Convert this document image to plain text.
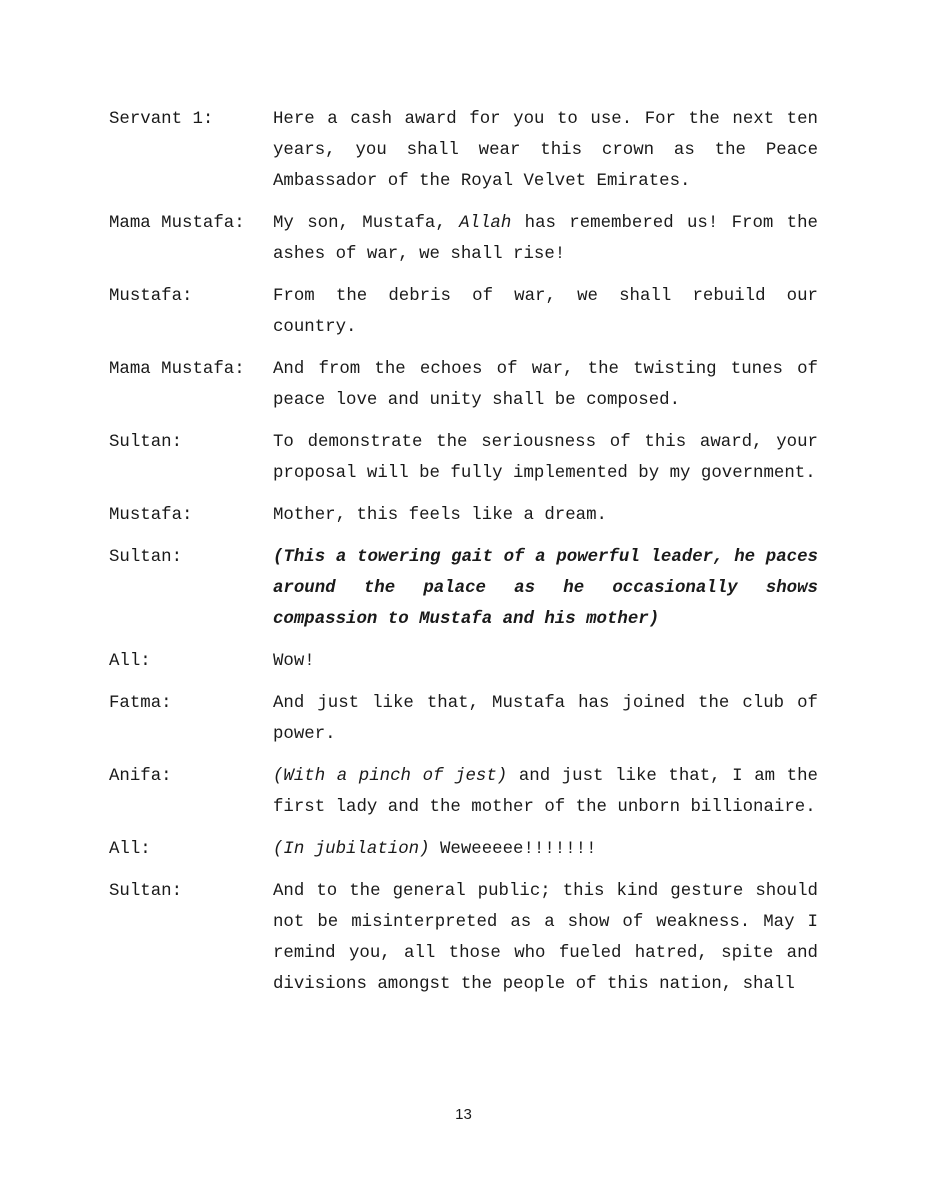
Servant 1:	Here a cash award for you to use. For the next ten years, you shall wear this crown as the Peace Ambassador of the Royal Velvet Emirates.
Mama Mustafa:	My son, Mustafa, Allah has remembered us! From the ashes of war, we shall rise!
Mustafa:	From the debris of war, we shall rebuild our country.
Mama Mustafa:	And from the echoes of war, the twisting tunes of peace love and unity shall be composed.
Sultan:	To demonstrate the seriousness of this award, your proposal will be fully implemented by my government.
Mustafa:	Mother, this feels like a dream.
Sultan:	(This a towering gait of a powerful leader, he paces around the palace as he occasionally shows compassion to Mustafa and his mother)
All:	Wow!
Fatma:	And just like that, Mustafa has joined the club of power.
Anifa:	(With a pinch of jest) and just like that, I am the first lady and the mother of the unborn billionaire.
All:	(In jubilation) Weweeeee!!!!!!!
Sultan:	And to the general public; this kind gesture should not be misinterpreted as a show of weakness. May I remind you, all those who fueled hatred, spite and divisions amongst the people of this nation, shall
13
